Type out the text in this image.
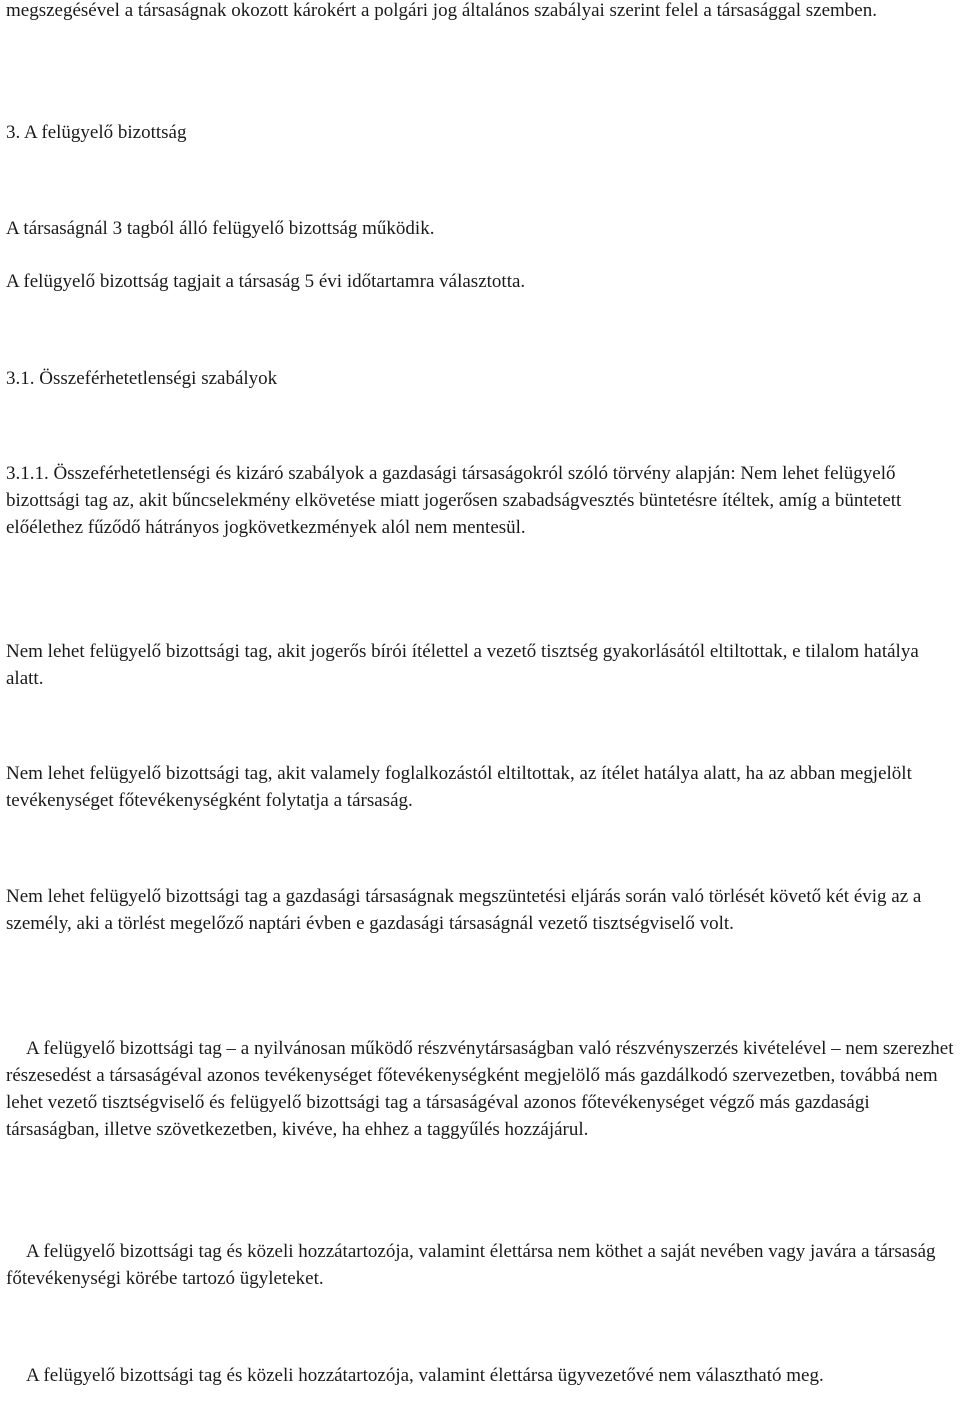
megszegésével a társaságnak okozott károkért a polgári jog általános szabályai szerint felel a társasággal szemben.

3. A felügyelő bizottság

A társaságnál 3 tagból álló felügyelő bizottság működik.

A felügyelő bizottság tagjait a társaság 5 évi időtartamra választotta.

3.1. Összeférhetetlenségi szabályok

3.1.1. Összeférhetetlenségi és kizáró szabályok a gazdasági társaságokról szóló törvény alapján: Nem lehet felügyelő bizottsági tag az, akit bűncselekmény elkövetése miatt jogerősen szabadságvesztés büntetésre ítéltek, amíg a büntetett előélethez fűződő hátrányos jogkövetkezmények alól nem mentesül.

Nem lehet felügyelő bizottsági tag, akit jogerős bírói ítélettel a vezető tisztség gyakorlásától eltiltottak, e tilalom hatálya alatt.

Nem lehet felügyelő bizottsági tag, akit valamely foglalkozástól eltiltottak, az ítélet hatálya alatt, ha az abban megjelölt tevékenységet főtevékenységként folytatja a társaság.

Nem lehet felügyelő bizottsági tag a gazdasági társaságnak megszüntetési eljárás során való törlését követő két évig az a személy, aki a törlést megelőző naptári évben e gazdasági társaságnál vezető tisztségviselő volt.

A felügyelő bizottsági tag – a nyilvánosan működő részvénytársaságban való részvényszerzés kivételével – nem szerezhet részesedést a társaságéval azonos tevékenységet főtevékenységként megjelölő más gazdálkodó szervezetben, továbbá nem lehet vezető tisztségviselő és felügyelő bizottsági tag a társaságéval azonos főtevékenységet végző más gazdasági társaságban, illetve szövetkezetben, kivéve, ha ehhez a taggyűlés hozzájárul.

A felügyelő bizottsági tag és közeli hozzátartozója, valamint élettársa nem köthet a saját nevében vagy javára a társaság főtevékenységi körébe tartozó ügyleteket.

A felügyelő bizottsági tag és közeli hozzátartozója, valamint élettársa ügyvezetővé nem választható meg.
